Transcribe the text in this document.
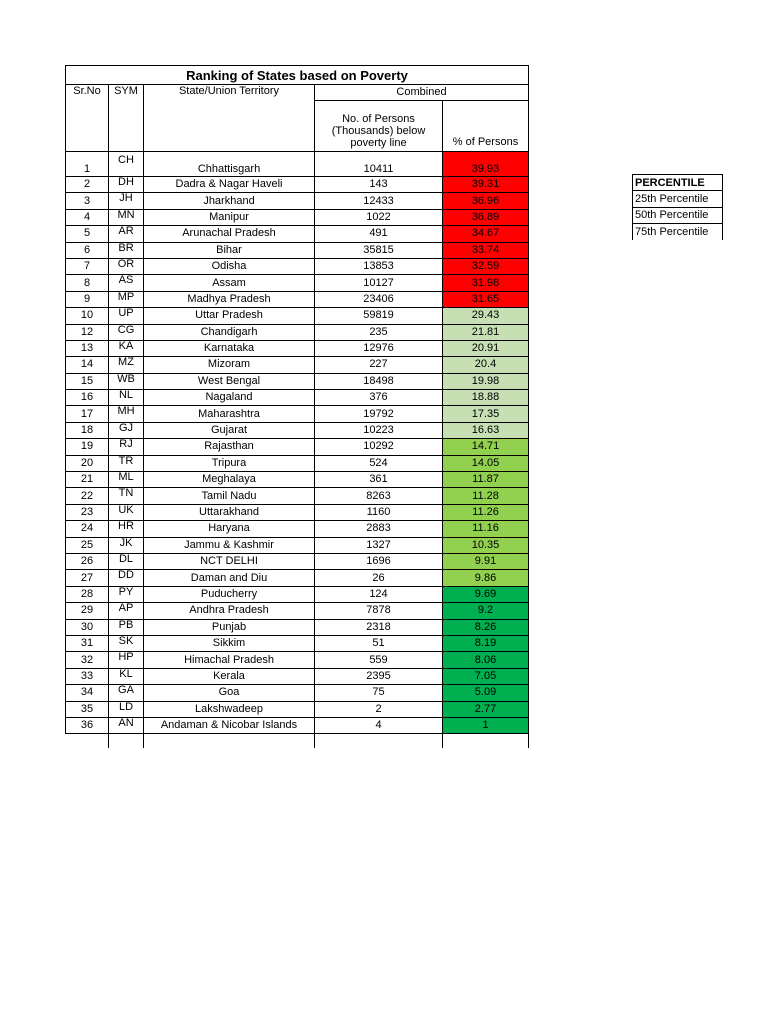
Ranking of States based on Poverty				
Sr.No	SYM	State/Union Territory	Combined	
			No. of Persons (Thousands) below poverty line	% of Persons
1	CH	Chhattisgarh	10411	39.93
2	DH	Dadra & Nagar Haveli	143	39.31
3	JH	Jharkhand	12433	36.96
4	MN	Manipur	1022	36.89
5	AR	Arunachal Pradesh	491	34.67
6	BR	Bihar	35815	33.74
7	OR	Odisha	13853	32.59
8	AS	Assam	10127	31.98
9	MP	Madhya Pradesh	23406	31.65
10	UP	Uttar Pradesh	59819	29.43
12	CG	Chandigarh	235	21.81
13	KA	Karnataka	12976	20.91
14	MZ	Mizoram	227	20.4
15	WB	West Bengal	18498	19.98
16	NL	Nagaland	376	18.88
17	MH	Maharashtra	19792	17.35
18	GJ	Gujarat	10223	16.63
19	RJ	Rajasthan	10292	14.71
20	TR	Tripura	524	14.05
21	ML	Meghalaya	361	11.87
22	TN	Tamil Nadu	8263	11.28
23	UK	Uttarakhand	1160	11.26
24	HR	Haryana	2883	11.16
25	JK	Jammu & Kashmir	1327	10.35
26	DL	NCT DELHI	1696	9.91
27	DD	Daman and Diu	26	9.86
28	PY	Puducherry	124	9.69
29	AP	Andhra Pradesh	7878	9.2
30	PB	Punjab	2318	8.26
31	SK	Sikkim	51	8.19
32	HP	Himachal Pradesh	559	8.06
33	KL	Kerala	2395	7.05
34	GA	Goa	75	5.09
35	LD	Lakshwadeep	2	2.77
36	AN	Andaman & Nicobar Islands	4	1

PERCENTILE
25th Percentile
50th Percentile
75th Percentile
